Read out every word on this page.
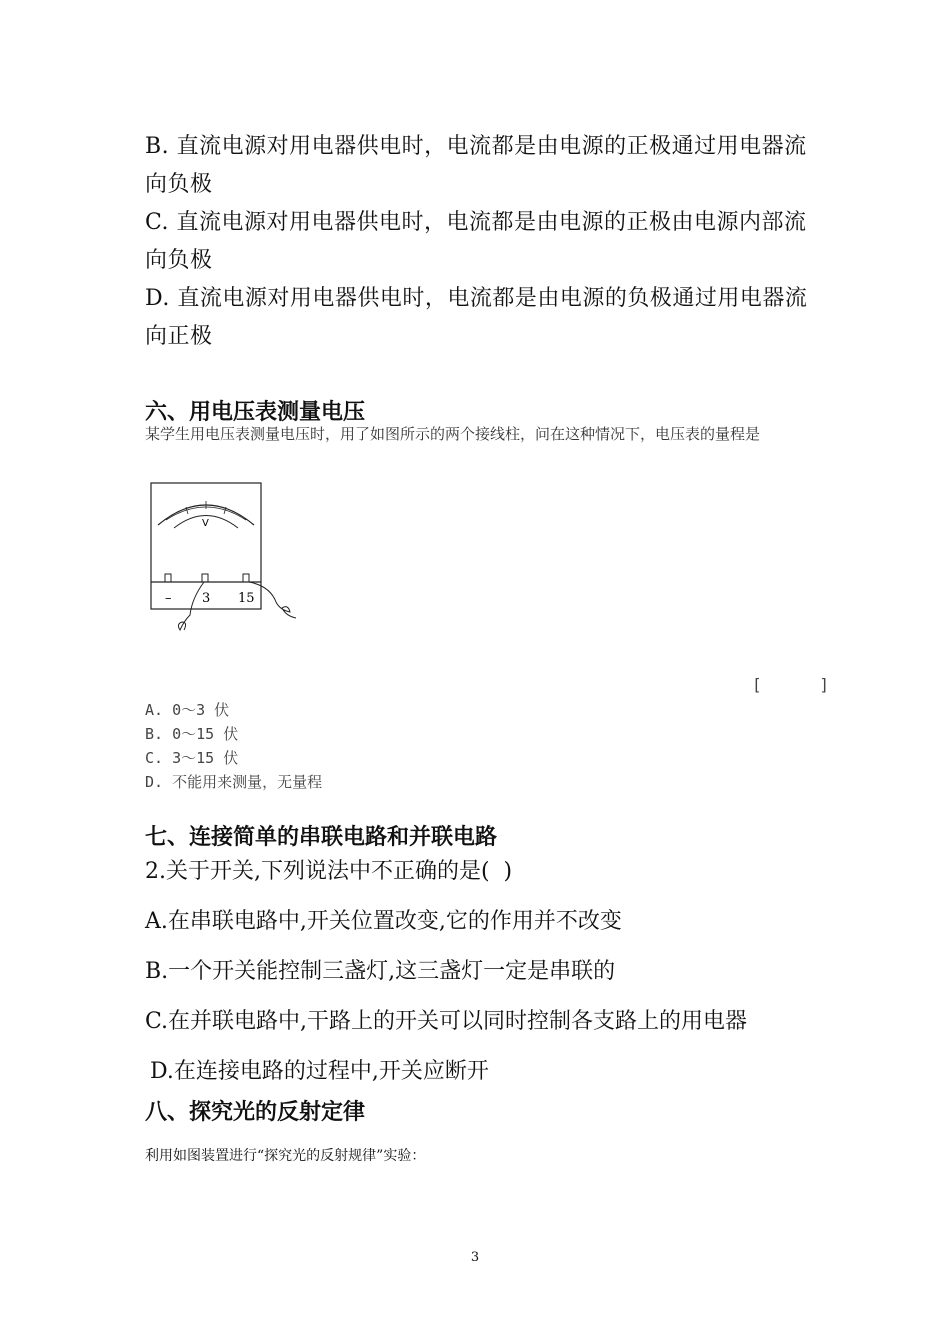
B. 直流电源对用电器供电时，电流都是由电源的正极通过用电器流向负极
C. 直流电源对用电器供电时，电流都是由电源的正极由电源内部流向负极
D. 直流电源对用电器供电时，电流都是由电源的负极通过用电器流向正极
六、用电压表测量电压
某学生用电压表测量电压时，用了如图所示的两个接线柱，问在这种情况下，电压表的量程是
V
– 3 15
[      ]
A. 0～3 伏
B. 0～15 伏
C. 3～15 伏
D. 不能用来测量，无量程
七、连接简单的串联电路和并联电路
2.关于开关,下列说法中不正确的是(  )
A.在串联电路中,开关位置改变,它的作用并不改变
B.一个开关能控制三盏灯,这三盏灯一定是串联的
C.在并联电路中,干路上的开关可以同时控制各支路上的用电器
D.在连接电路的过程中,开关应断开
八、探究光的反射定律
利用如图装置进行“探究光的反射规律”实验：
3
